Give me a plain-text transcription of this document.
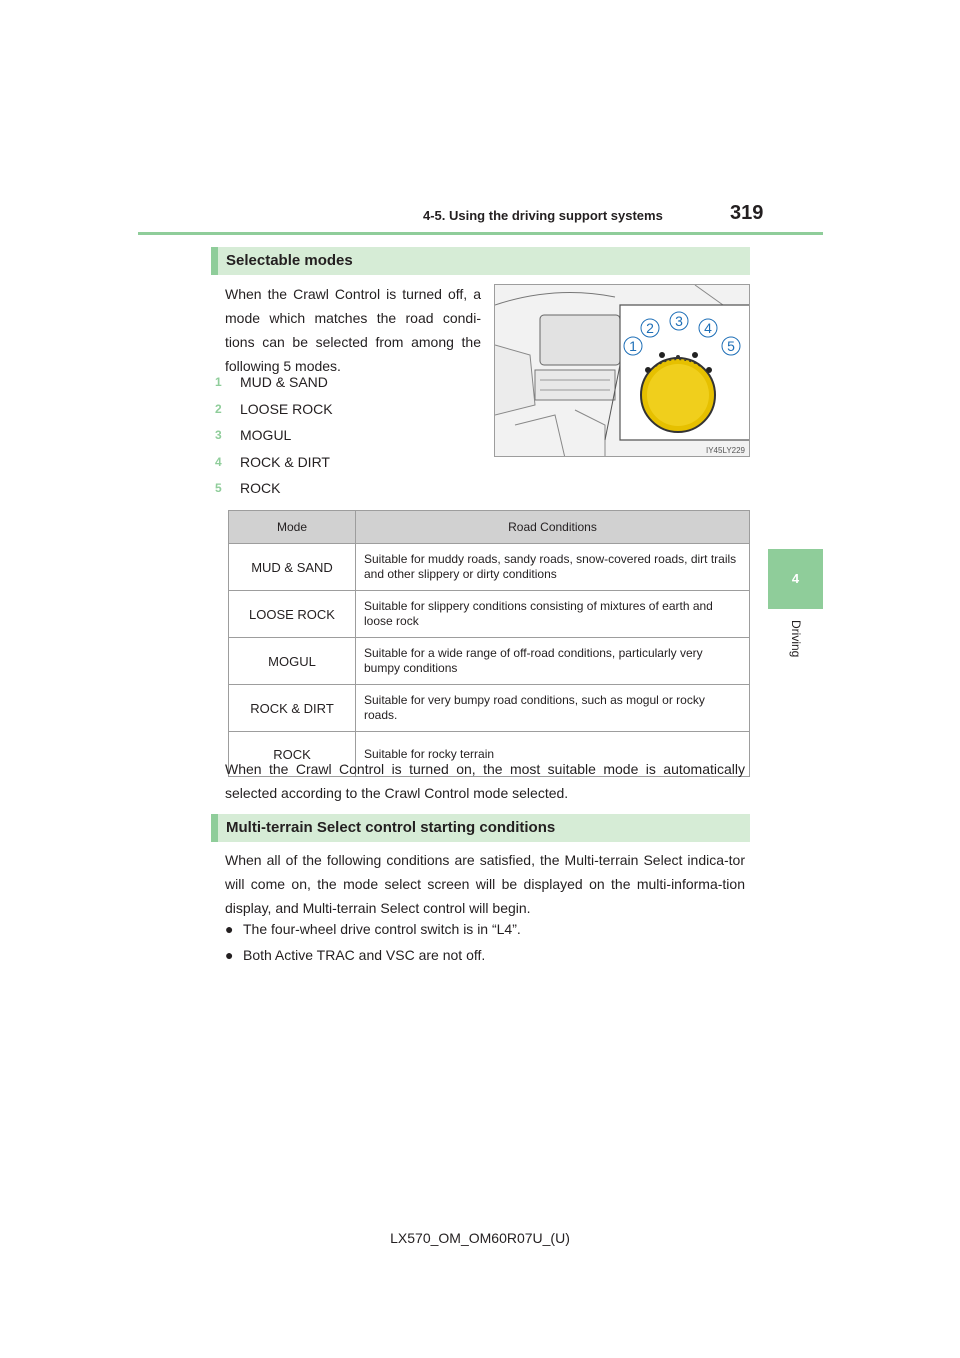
4-5. Using the driving support systems	319
4
Driving
Selectable modes
When the Crawl Control is turned off, a mode which matches the road condi-tions can be selected from among the following 5 modes.
1 MUD & SAND
2 LOOSE ROCK
3 MOGUL
4 ROCK & DIRT
5 ROCK
1
2 3 4
5
IY45LY229
Mode	Road Conditions
MUD & SAND	Suitable for muddy roads, sandy roads, snow-covered roads, dirt trails and other slippery or dirty conditions
LOOSE ROCK	Suitable for slippery conditions consisting of mixtures of earth and loose rock
MOGUL	Suitable for a wide range of off-road conditions, particularly very bumpy conditions
ROCK & DIRT	Suitable for very bumpy road conditions, such as mogul or rocky roads.
ROCK	Suitable for rocky terrain
When the Crawl Control is turned on, the most suitable mode is automatically selected according to the Crawl Control mode selected.
Multi-terrain Select control starting conditions
When all of the following conditions are satisfied, the Multi-terrain Select indica-tor will come on, the mode select screen will be displayed on the multi-informa-tion display, and Multi-terrain Select control will begin.
● The four-wheel drive control switch is in “L4”.
● Both Active TRAC and VSC are not off.
LX570_OM_OM60R07U_(U)
